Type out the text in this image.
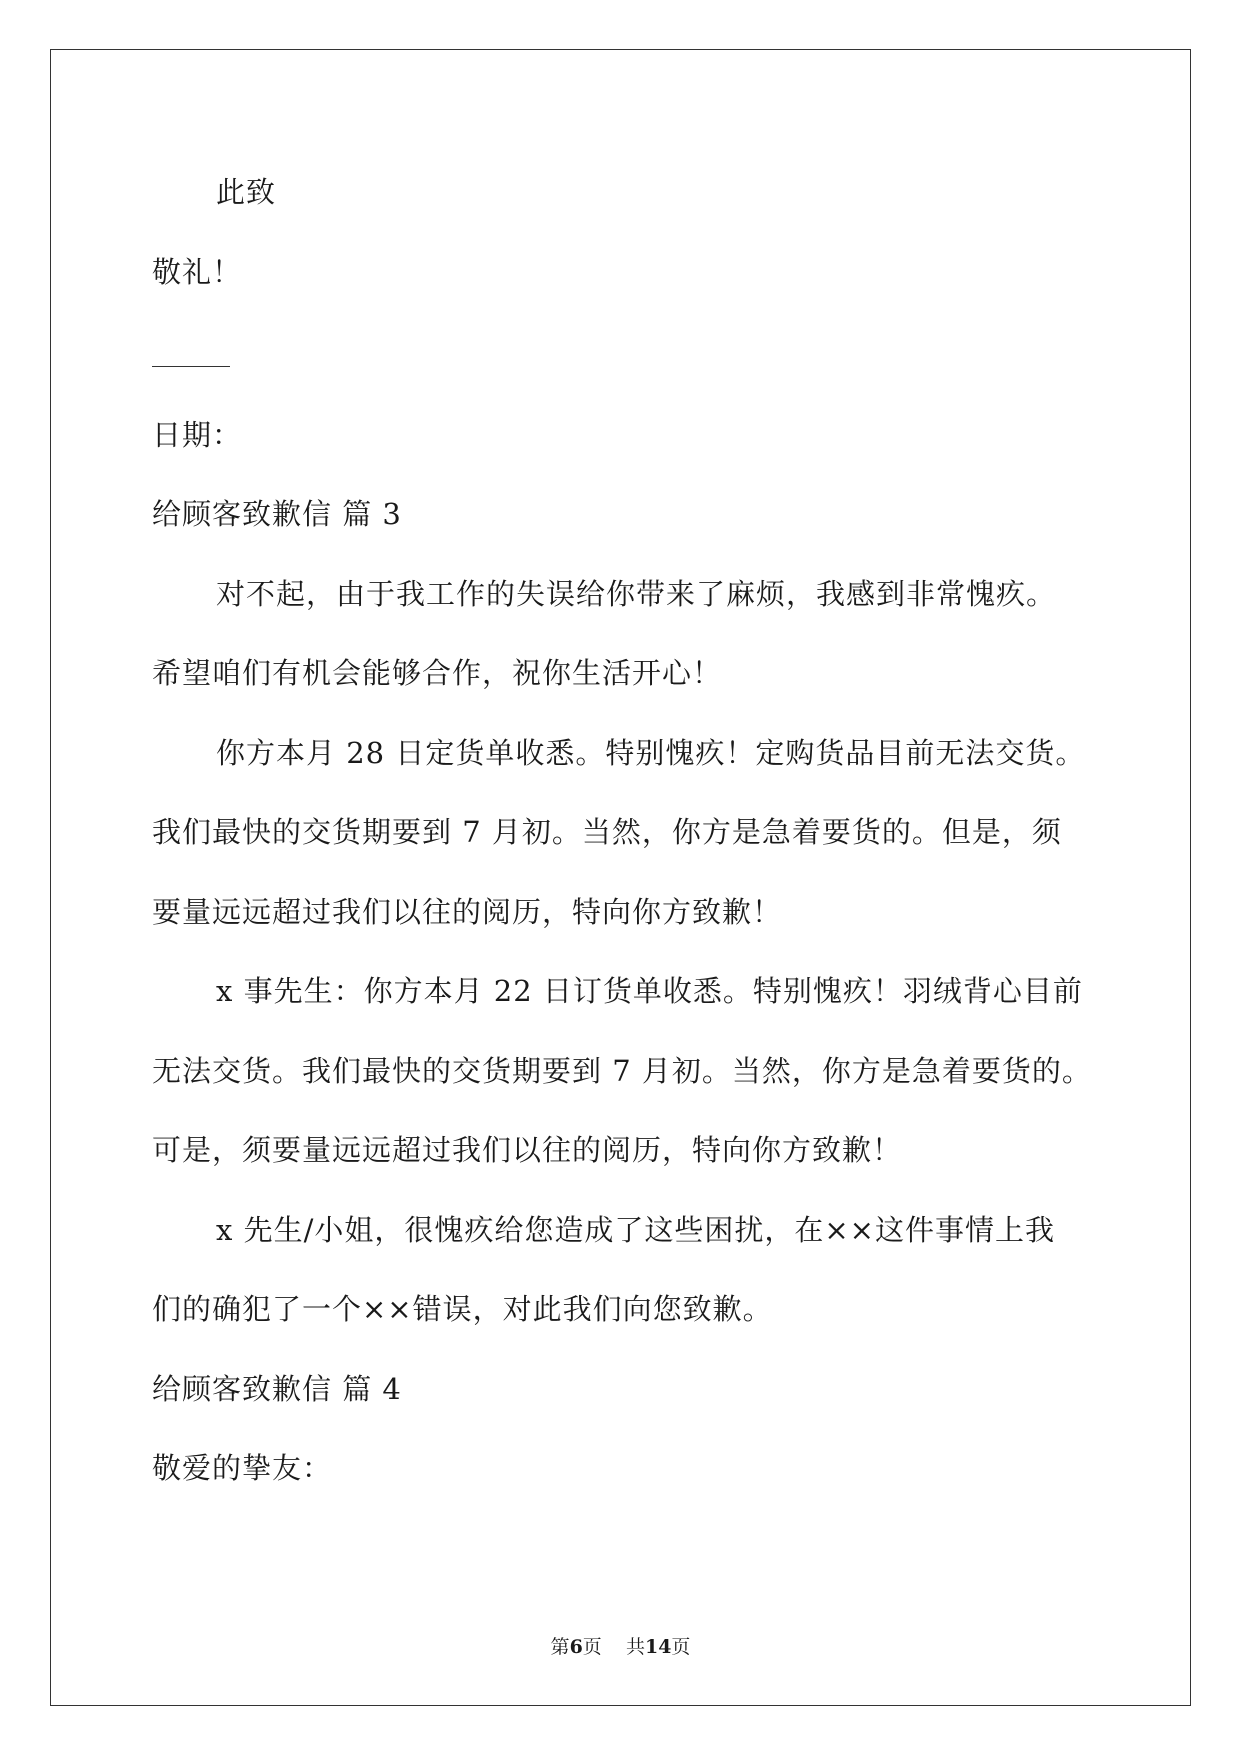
此致
敬礼！
日期：
给顾客致歉信 篇 3
对不起，由于我工作的失误给你带来了麻烦，我感到非常愧疚。
希望咱们有机会能够合作，祝你生活开心！
你方本月 28 日定货单收悉。特别愧疚！定购货品目前无法交货。
我们最快的交货期要到 7 月初。当然，你方是急着要货的。但是，须
要量远远超过我们以往的阅历，特向你方致歉！
x 事先生：你方本月 22 日订货单收悉。特别愧疚！羽绒背心目前
无法交货。我们最快的交货期要到 7 月初。当然，你方是急着要货的。
可是，须要量远远超过我们以往的阅历，特向你方致歉！
x 先生/小姐，很愧疚给您造成了这些困扰，在××这件事情上我
们的确犯了一个××错误，对此我们向您致歉。
给顾客致歉信 篇 4
敬爱的挚友：
第6页    共14页
